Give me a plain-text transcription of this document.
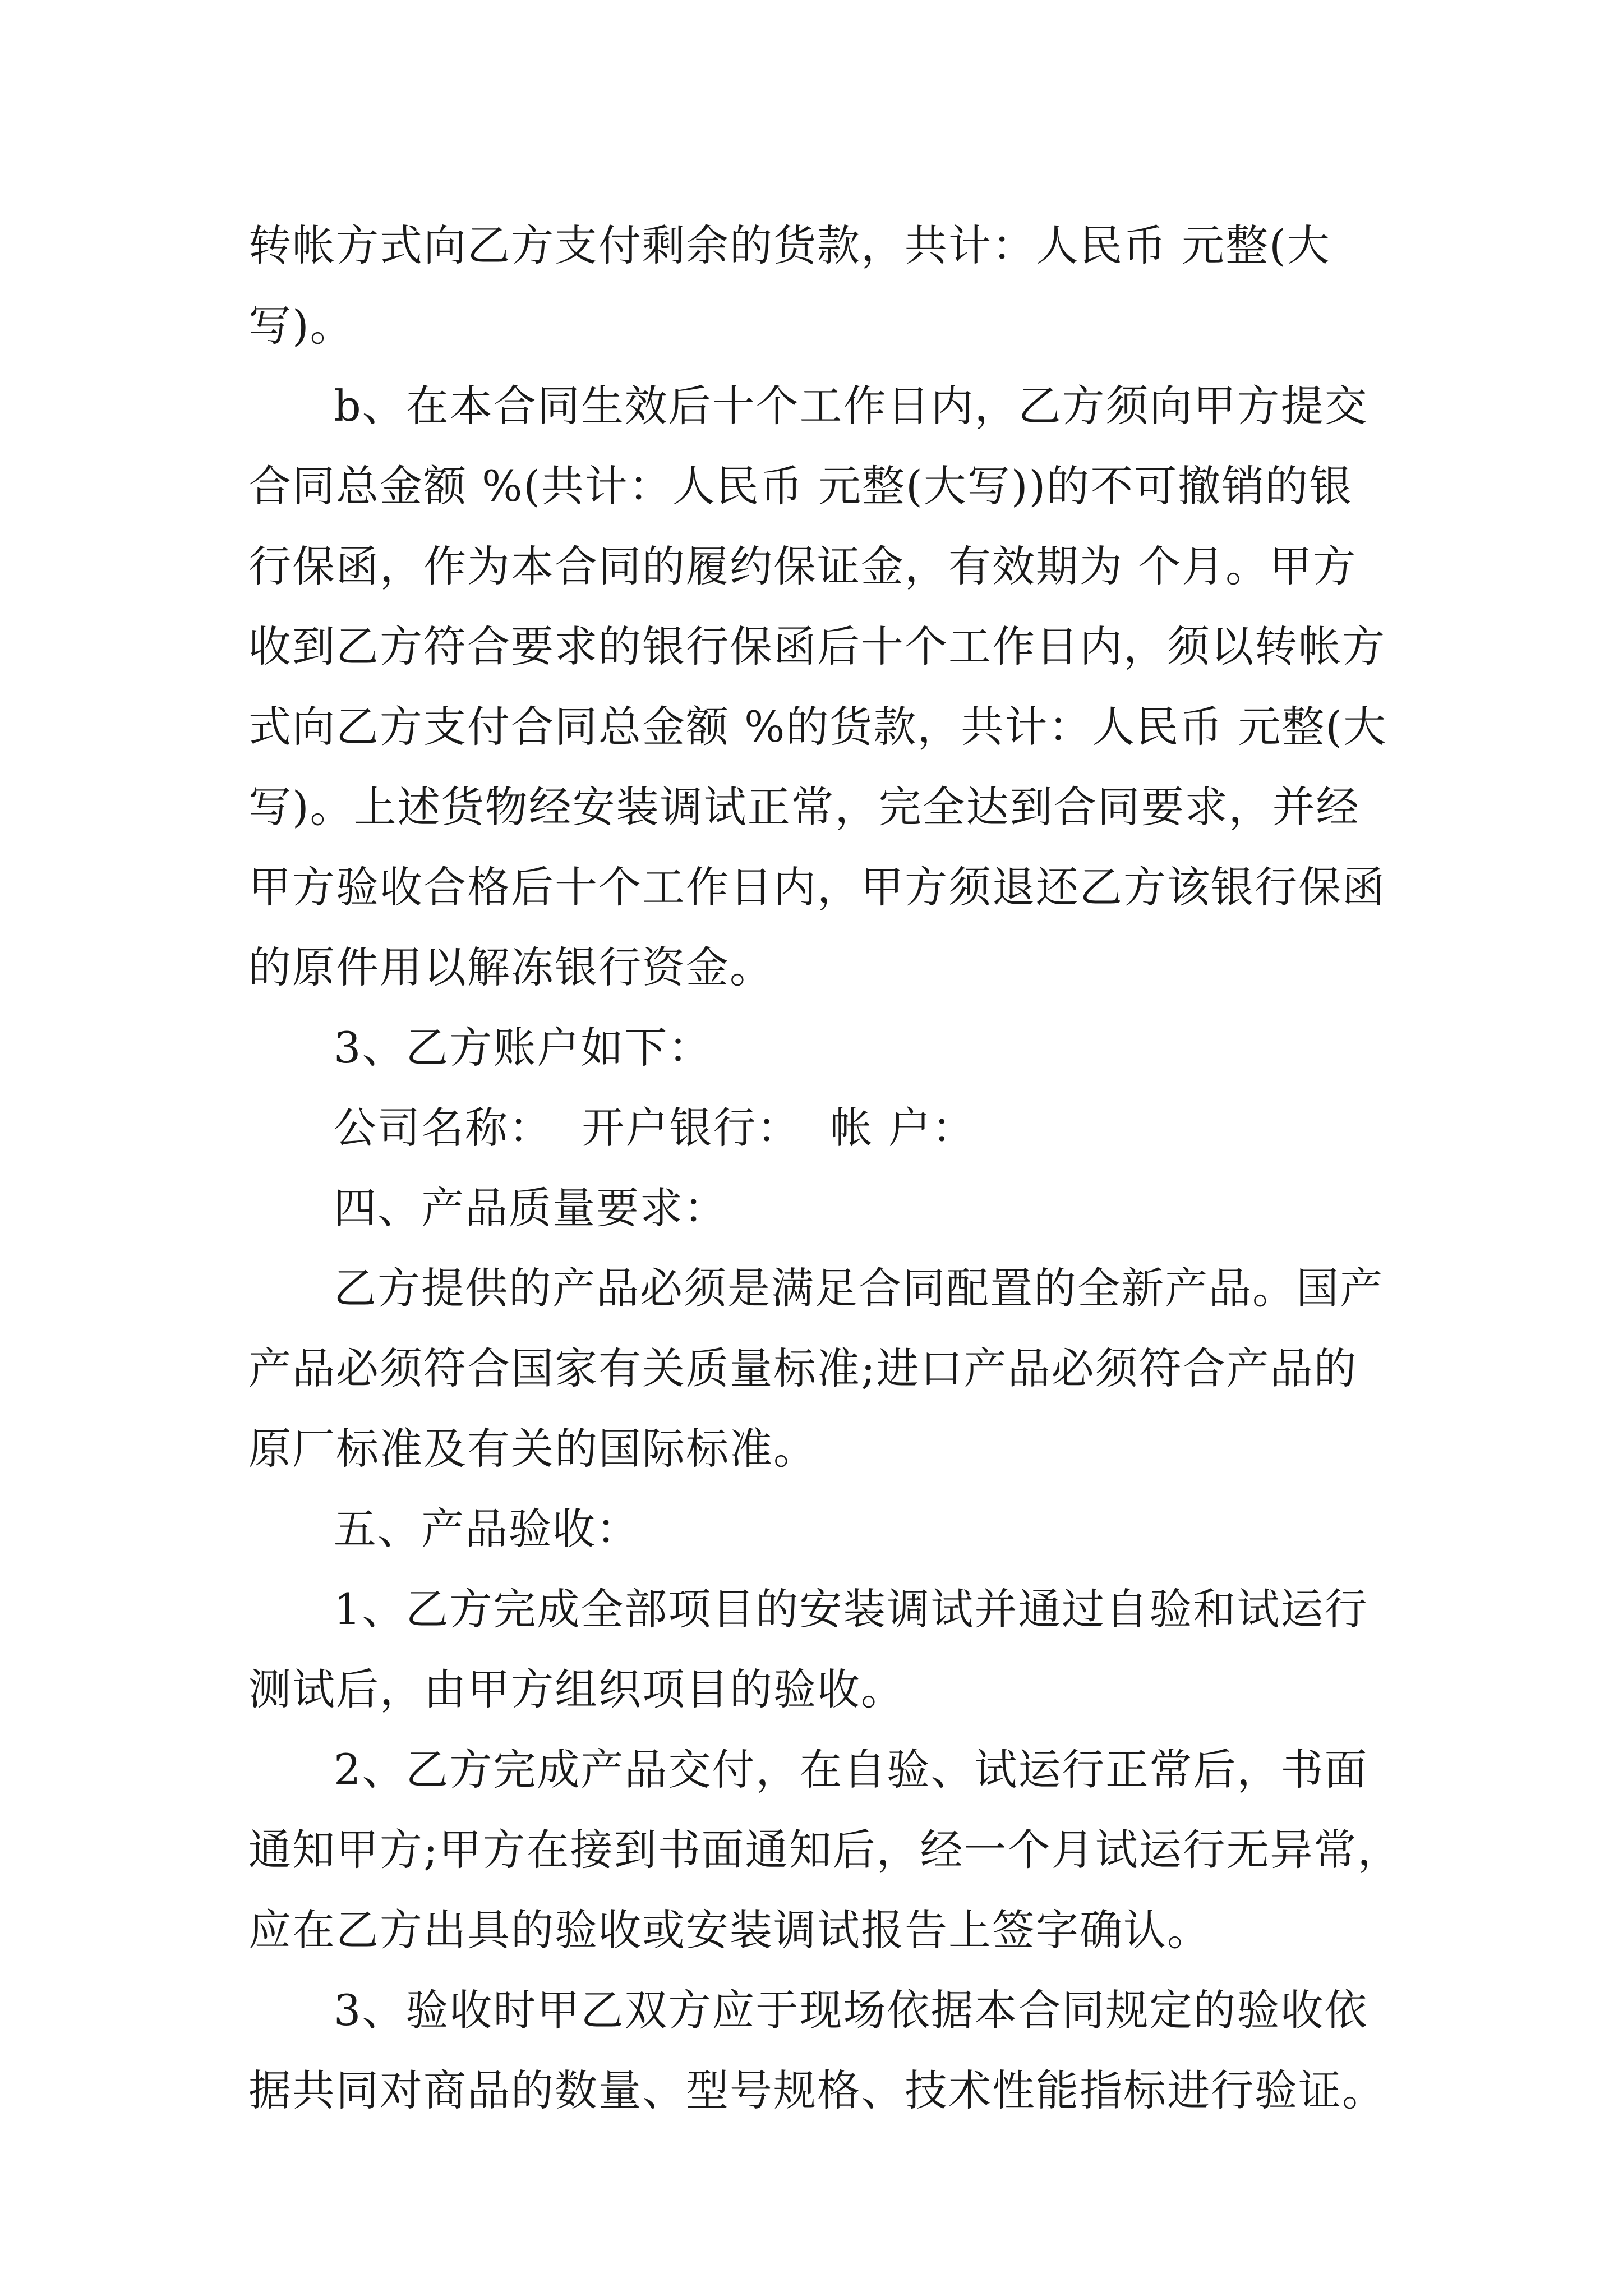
转帐方式向乙方支付剩余的货款，共计：人民币 元整(大
写)。

b、在本合同生效后十个工作日内，乙方须向甲方提交
合同总金额 %(共计：人民币 元整(大写))的不可撤销的银
行保函，作为本合同的履约保证金，有效期为 个月。甲方
收到乙方符合要求的银行保函后十个工作日内，须以转帐方
式向乙方支付合同总金额 %的货款，共计：人民币 元整(大
写)。上述货物经安装调试正常，完全达到合同要求，并经
甲方验收合格后十个工作日内，甲方须退还乙方该银行保函
的原件用以解冻银行资金。

3、乙方账户如下：

公司名称：  开户银行：  帐 户：

四、产品质量要求：

乙方提供的产品必须是满足合同配置的全新产品。国产
产品必须符合国家有关质量标准;进口产品必须符合产品的
原厂标准及有关的国际标准。

五、产品验收：

1、乙方完成全部项目的安装调试并通过自验和试运行
测试后，由甲方组织项目的验收。

2、乙方完成产品交付，在自验、试运行正常后，书面
通知甲方;甲方在接到书面通知后，经一个月试运行无异常，
应在乙方出具的验收或安装调试报告上签字确认。

3、验收时甲乙双方应于现场依据本合同规定的验收依
据共同对商品的数量、型号规格、技术性能指标进行验证。
